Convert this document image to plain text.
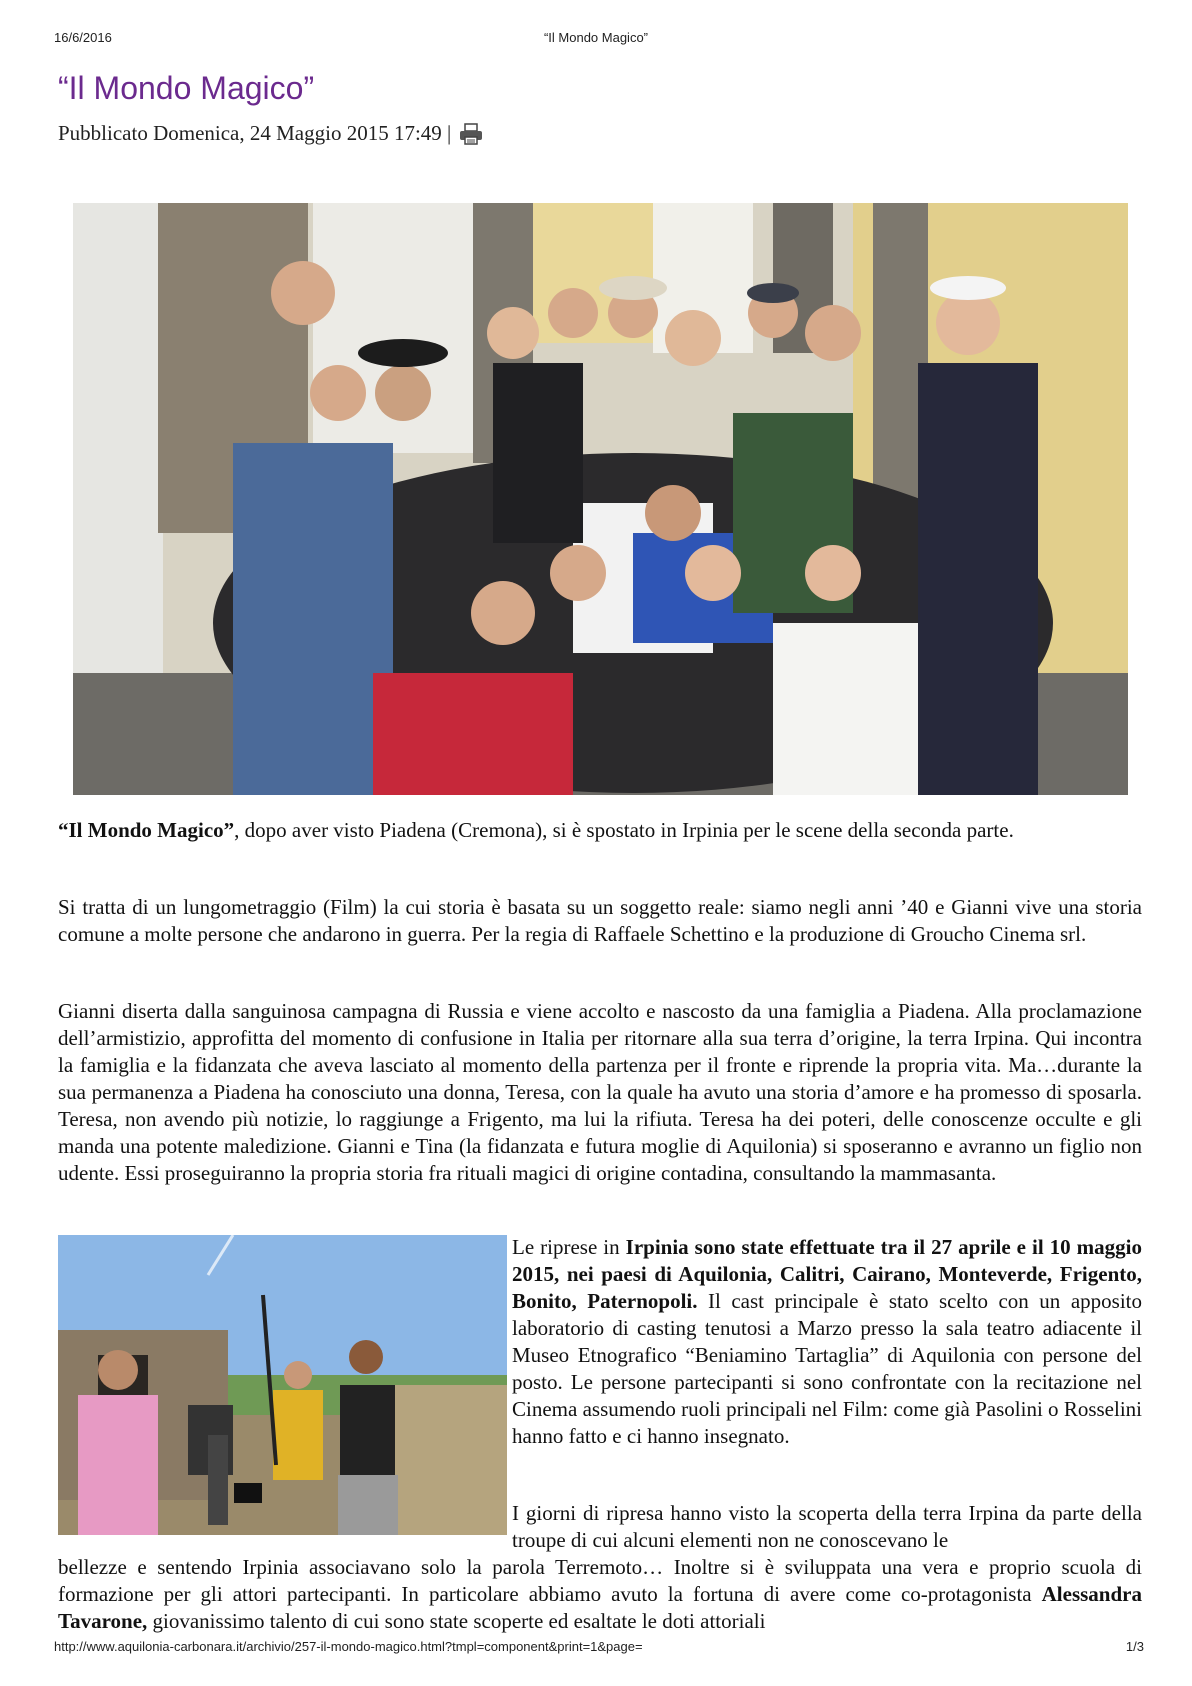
16/6/2016	“Il Mondo Magico”
“Il Mondo Magico”
Pubblicato Domenica, 24 Maggio 2015 17:49 |

“Il Mondo Magico”, dopo aver visto Piadena (Cremona), si è spostato in Irpinia per le scene della seconda parte.

Si tratta di un lungometraggio (Film) la cui storia è basata su un soggetto reale: siamo negli anni ’40 e Gianni vive una storia comune a molte persone che andarono in guerra. Per la regia di Raffaele Schettino e la produzione di Groucho Cinema srl.

Gianni diserta dalla sanguinosa campagna di Russia e viene accolto e nascosto da una famiglia a Piadena. Alla proclamazione dell’armistizio, approfitta del momento di confusione in Italia per ritornare alla sua terra d’origine, la terra Irpina. Qui incontra la famiglia e la fidanzata che aveva lasciato al momento della partenza per il fronte e riprende la propria vita. Ma…durante la sua permanenza a Piadena ha conosciuto una donna, Teresa, con la quale ha avuto una storia d’amore e ha promesso di sposarla. Teresa, non avendo più notizie, lo raggiunge a Frigento, ma lui la rifiuta. Teresa ha dei poteri, delle conoscenze occulte e gli manda una potente maledizione. Gianni e Tina (la fidanzata e futura moglie di Aquilonia) si sposeranno e avranno un figlio non udente. Essi proseguiranno la propria storia fra rituali magici di origine contadina, consultando la mammasanta.

Le riprese in Irpinia sono state effettuate tra il 27 aprile e il 10 maggio 2015, nei paesi di Aquilonia, Calitri, Cairano, Monteverde, Frigento, Bonito, Paternopoli. Il cast principale è stato scelto con un apposito laboratorio di casting tenutosi a Marzo presso la sala teatro adiacente il Museo Etnografico “Beniamino Tartaglia” di Aquilonia con persone del posto. Le persone partecipanti si sono confrontate con la recitazione nel Cinema assumendo ruoli principali nel Film: come già Pasolini o Rosselini hanno fatto e ci hanno insegnato.

I giorni di ripresa hanno visto la scoperta della terra Irpina da parte della troupe di cui alcuni elementi non ne conoscevano le

bellezze e sentendo Irpinia associavano solo la parola Terremoto… Inoltre si è sviluppata una vera e proprio scuola di formazione per gli attori partecipanti. In particolare abbiamo avuto la fortuna di avere come co-protagonista Alessandra Tavarone, giovanissimo talento di cui sono state scoperte ed esaltate le doti attoriali

http://www.aquilonia-carbonara.it/archivio/257-il-mondo-magico.html?tmpl=component&print=1&page=	1/3
